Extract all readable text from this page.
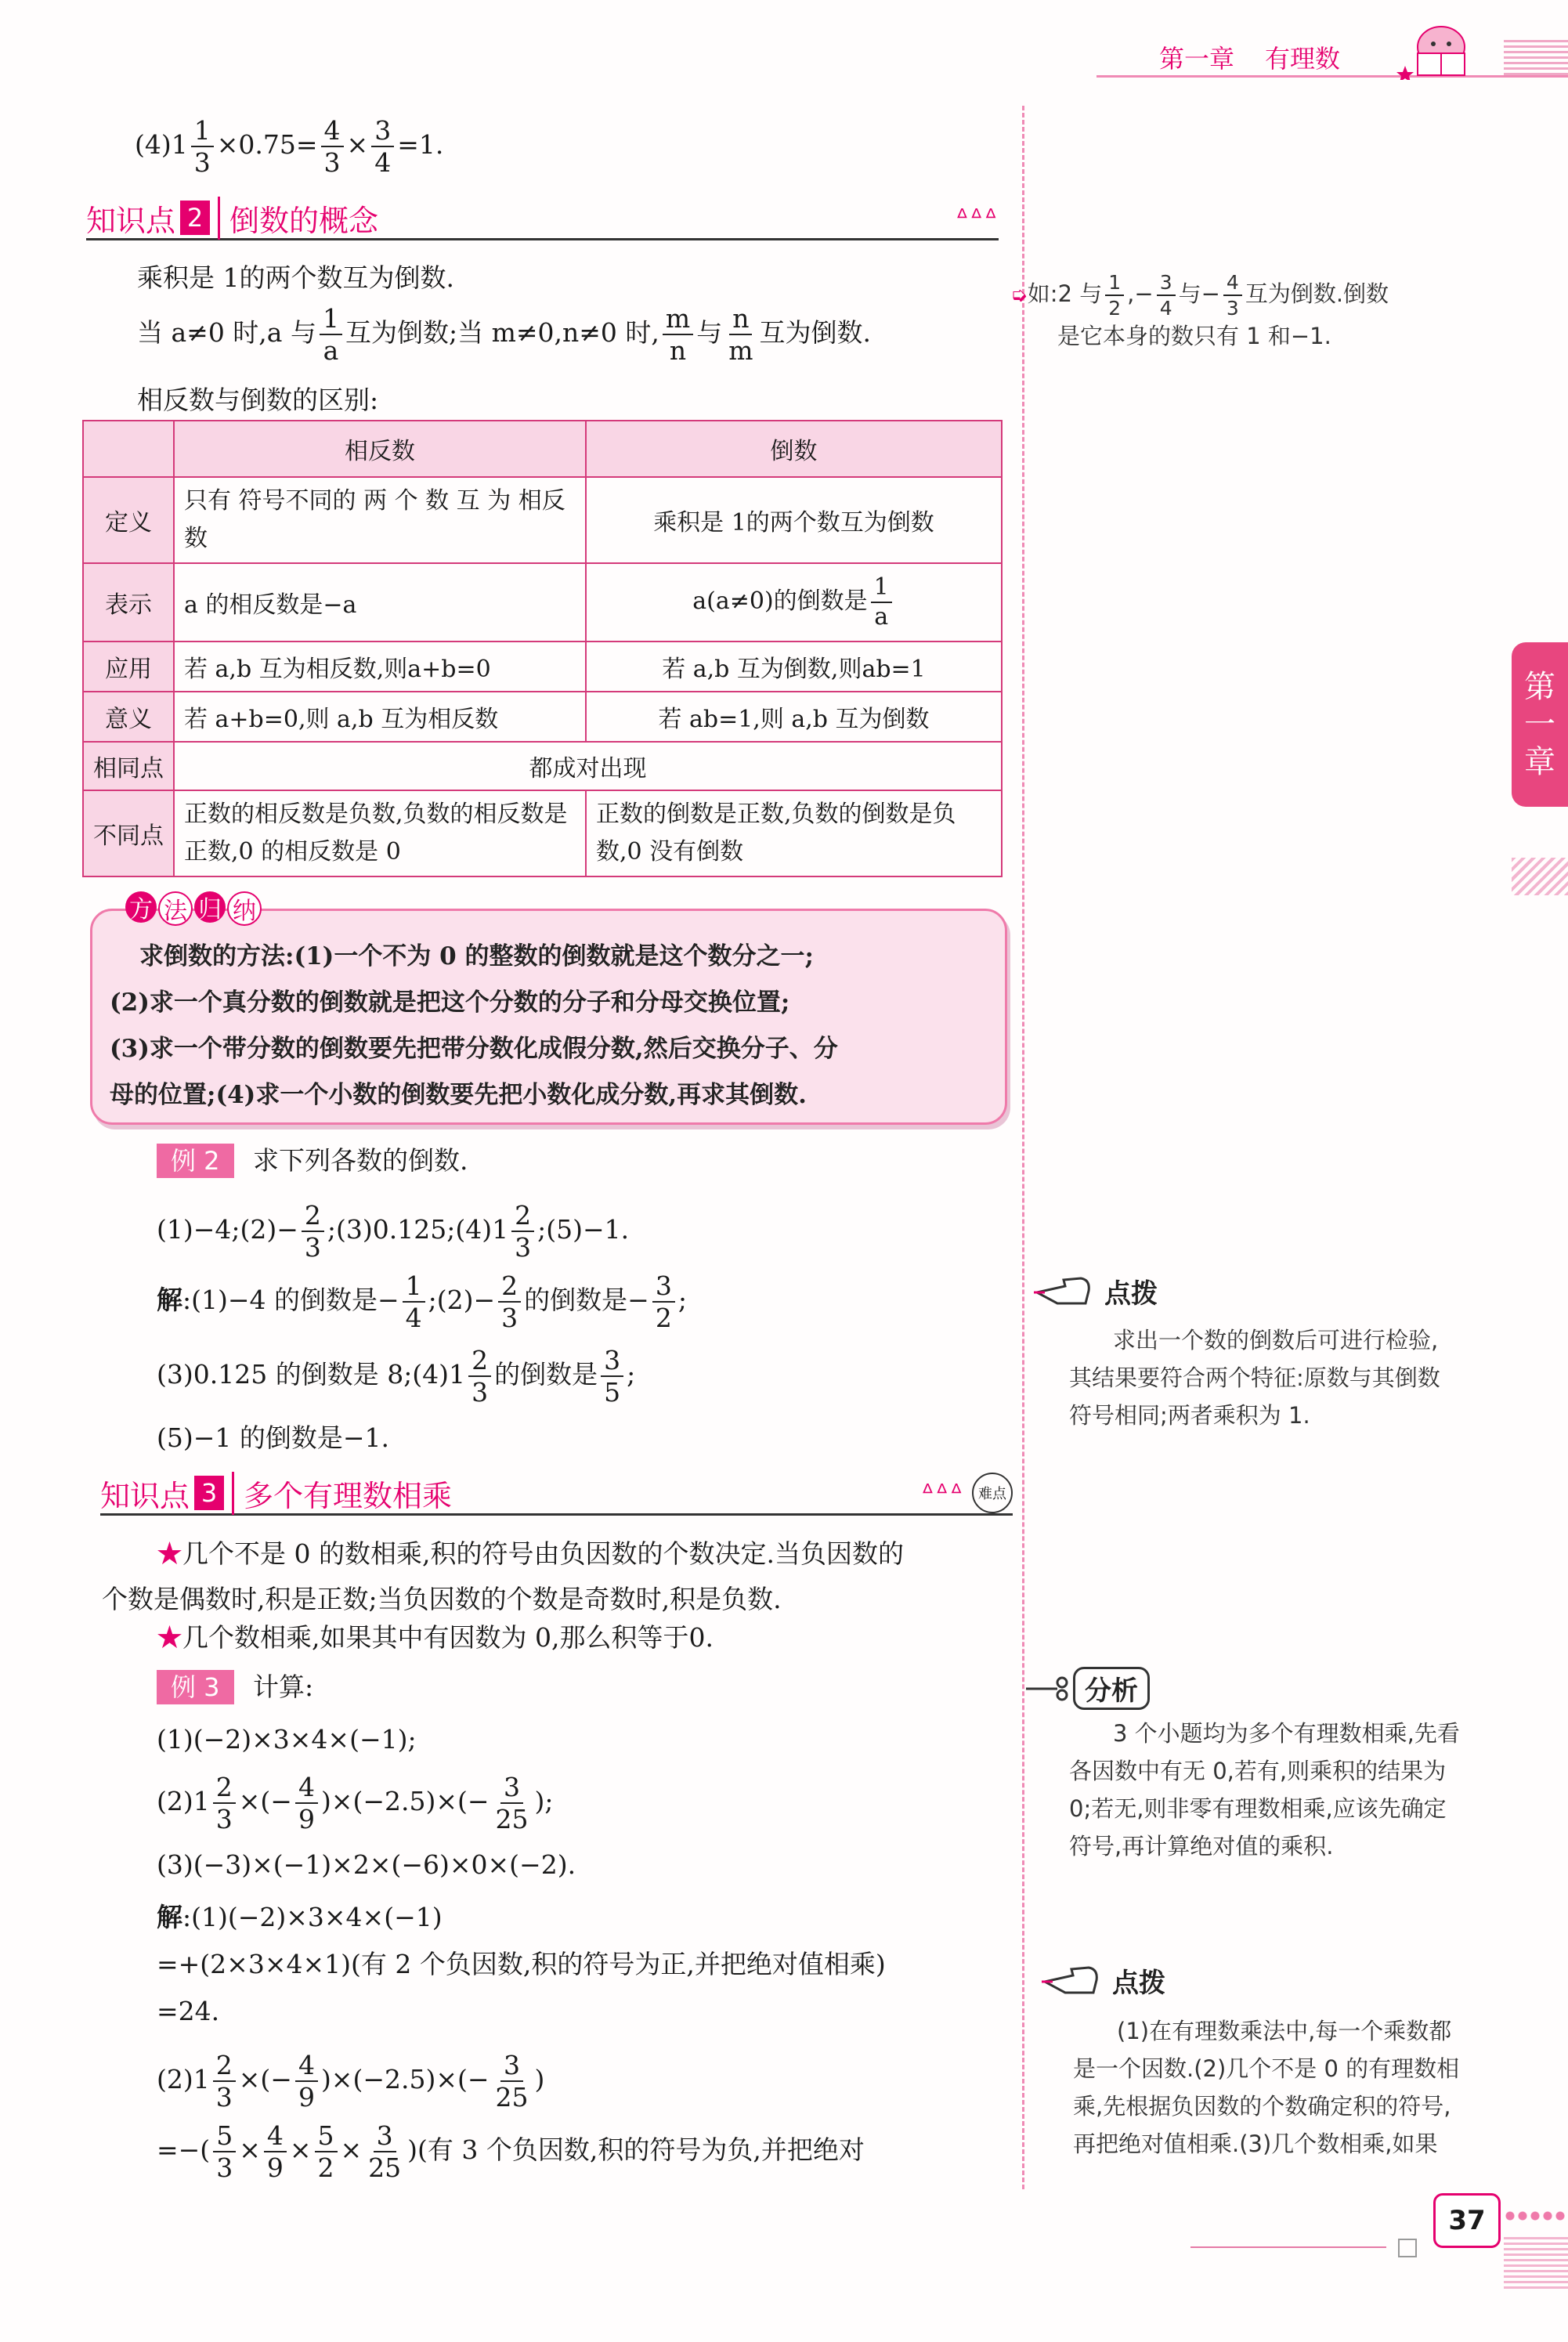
第一章 有理数
第
一
章
$(4)1 \frac{1}{3} \times 0.75= \frac{4}{3} \times \frac{3}{4} =1$.
知识点 2 倒数的概念	ᐞᐞᐞ
乘积是 1的两个数互为倒数.
当 a≠0 时,a 与 $\frac{1}{a}$ 互为倒数;当 m≠0,n≠0 时, $\frac{m}{n}$ 与 $\frac{n}{m}$ 互为倒数.
相反数与倒数的区别:
	相反数	倒数
定义	只有 符号不同的 两 个 数 互 为 相反数	乘积是 1的两个数互为倒数
表示	a 的相反数是−a	a(a≠0)的倒数是 $\frac{1}{a}$

应用	若 a,b 互为相反数,则a+b=0	若 a,b 互为倒数,则ab=1
意义	若 a+b=0,则 a,b 互为相反数	若 ab=1,则 a,b 互为倒数
相同点	都成对出现	
不同点	正数的相反数是负数,负数的相反数是正数,0 的相反数是 0	正数的倒数是正数,负数的倒数是负数,0 没有倒数
方 法 归 纳
求倒数的方法:(1)一个不为 0 的整数的倒数就是这个数分之一;
(2)求一个真分数的倒数就是把这个分数的分子和分母交换位置;
(3)求一个带分数的倒数要先把带分数化成假分数,然后交换分子、分
母的位置;(4)求一个小数的倒数要先把小数化成分数,再求其倒数.
例 2 求下列各数的倒数.
(1)−4;(2)− $\frac{2}{3}$ ;(3)0.125;(4)1 $\frac{2}{3}$ ;(5)−1.
解:(1)−4 的倒数是− $\frac{1}{4}$ ;(2)− $\frac{2}{3}$ 的倒数是− $\frac{3}{2}$ ;
(3)0.125 的倒数是 8;(4)1 $\frac{2}{3}$ 的倒数是 $\frac{3}{5}$ ;
(5)−1 的倒数是−1.
知识点 3 多个有理数相乘	ᐞᐞᐞ	难点
★几个不是 0 的数相乘,积的符号由负因数的个数决定.当负因数的
个数是偶数时,积是正数;当负因数的个数是奇数时,积是负数.
★几个数相乘,如果其中有因数为 0,那么积等于0.
例 3 计算:
(1)(−2)×3×4×(−1);
$(2)1 \frac{2}{3}$ ×(− $\frac{4}{9} )\times(-2.5)\times(- \frac{3}{25}$ );
(3)(−3)×(−1)×2×(−6)×0×(−2).
解:(1)(−2)×3×4×(−1)
=+(2×3×4×1)(有 2 个负因数,积的符号为正,并把绝对值相乘)
=24.
$(2)1 \frac{2}{3}$ ×(− $\frac{4}{9} )\times(-2.5)\times(- \frac{3}{25}$ )
=−( $\frac{5}{3} \times \frac{4}{9} \times \frac{5}{2} \times \frac{3}{25}$ )(有 3 个负因数,积的符号为负,并把绝对
➭如:2 与 $\frac{1}{2}$ ,− $\frac{3}{4}$ 与− $\frac{4}{3}$ 互为倒数.倒数
是它本身的数只有 1 和−1.
点拨
求出一个数的倒数后可进行检验,
其结果要符合两个特征:原数与其倒数
符号相同;两者乘积为 1.
分析
3 个小题均为多个有理数相乘,先看
各因数中有无 0,若有,则乘积的结果为
0;若无,则非零有理数相乘,应该先确定
符号,再计算绝对值的乘积.
点拨
(1)在有理数乘法中,每一个乘数都
是一个因数.(2)几个不是 0 的有理数相
乘,先根据负因数的个数确定积的符号,
再把绝对值相乘.(3)几个数相乘,如果
37
